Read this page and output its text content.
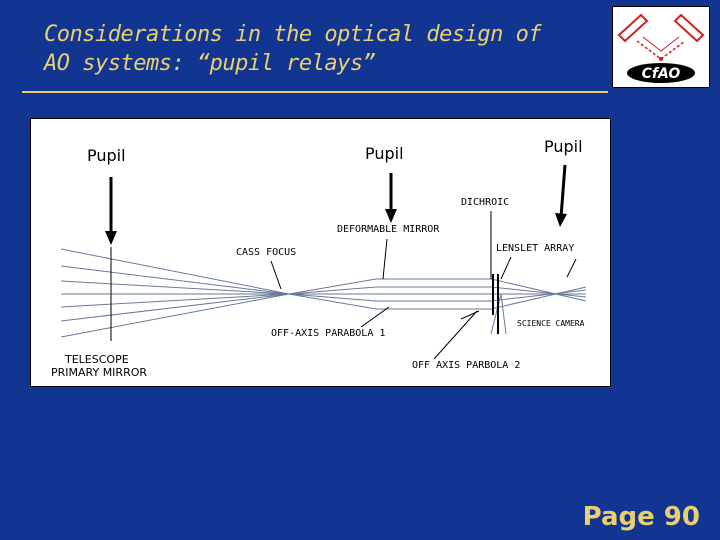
Considerations in the optical design of
AO systems: “pupil relays”	CfAO
Pupil	Pupil	Pupil
DICHROIC
DEFORMABLE MIRROR
CASS FOCUS	LENSLET ARRAY
OFF-AXIS PARABOLA 1
OFF AXIS PARBOLA 2
SCIENCE CAMERA
TELESCOPE
PRIMARY MIRROR
Page 90
